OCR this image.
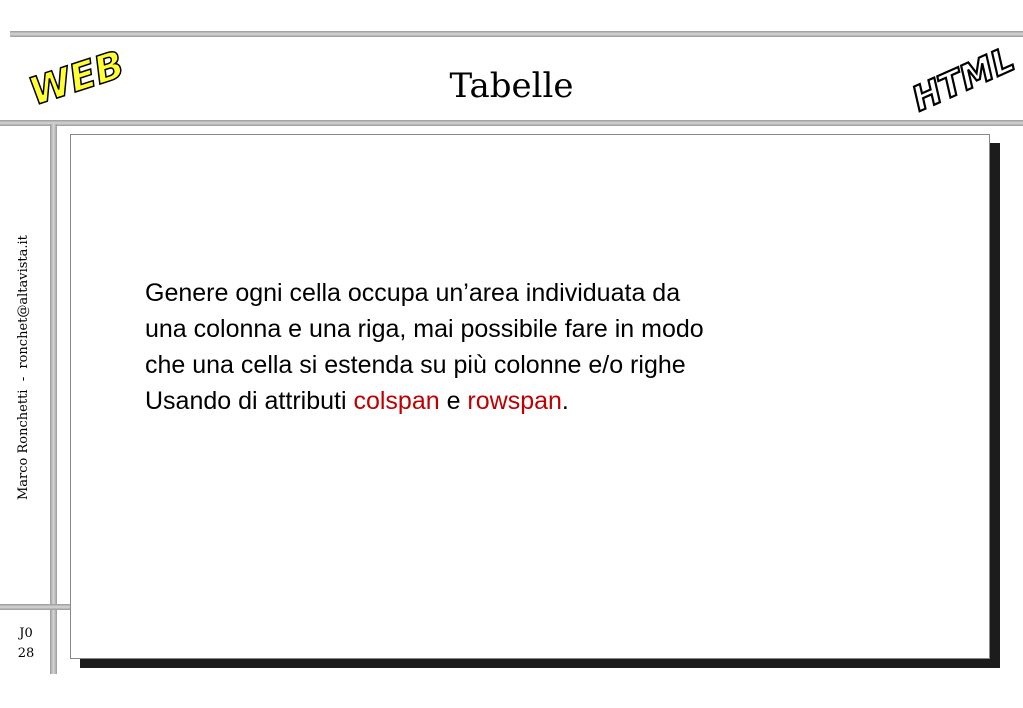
WEB	HTML
Tabelle
Marco Ronchetti  -  ronchet@altavista.it
J0
28

Genere ogni cella occupa un’area individuata da

una colonna e una riga, mai possibile fare in modo

che una cella si estenda su più colonne e/o righe

Usando di attributi colspan e rowspan.
